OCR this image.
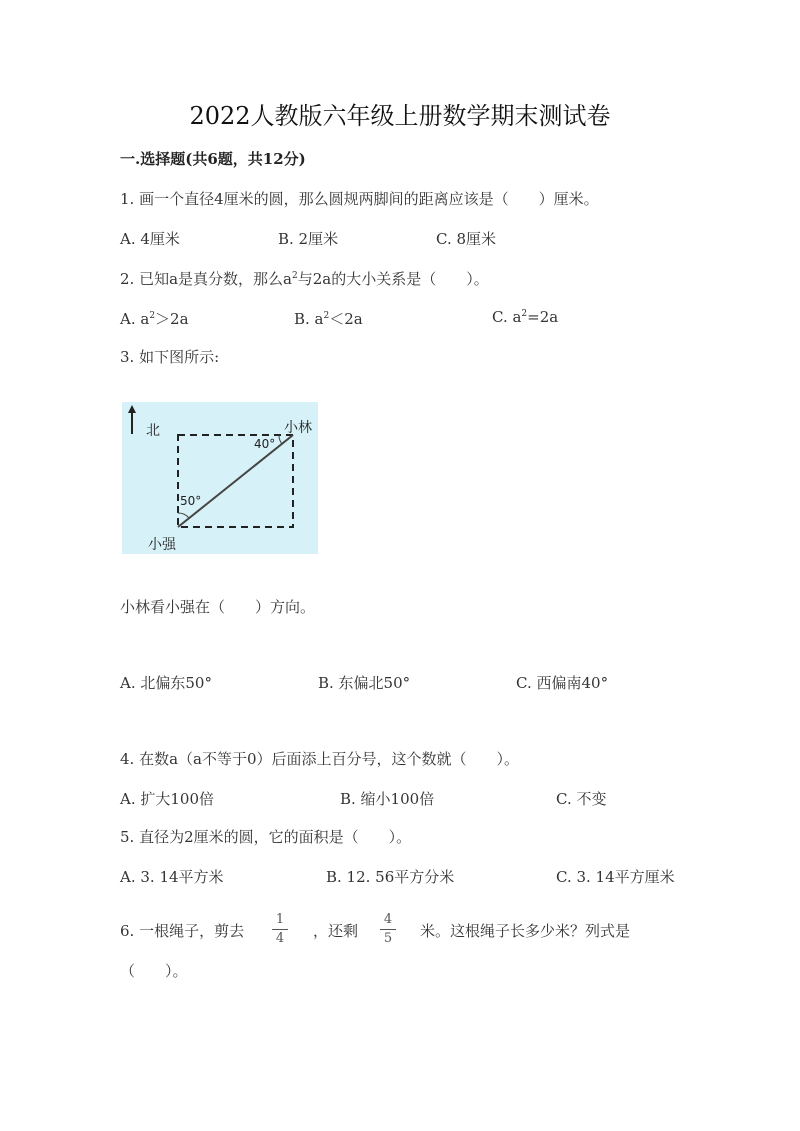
2022人教版六年级上册数学期末测试卷
一.选择题(共6题，共12分)
1. 画一个直径4厘米的圆，那么圆规两脚间的距离应该是（　　）厘米。
A. 4厘米	B. 2厘米	C. 8厘米
2. 已知a是真分数，那么$a^2$与2a的大小关系是（　　）。
A. $a^2>2a$	B. $a^2<2a$	C. $a^2=2a$
3. 如下图所示:
北	小林
40°
50°
小强
小林看小强在（　　）方向。
A. 北偏东50°	B. 东偏北50°	C. 西偏南40°
4. 在数a（a不等于0）后面添上百分号，这个数就（　　）。
A. 扩大100倍	B. 缩小100倍	C. 不变
5. 直径为2厘米的圆，它的面积是（　　）。
A. 3. 14平方米	B. 12. 56平方分米	C. 3. 14平方厘米
6. 一根绳子，剪去
1
4	，还剩
4
5	米。这根绳子长多少米？列式是
（　　）。
